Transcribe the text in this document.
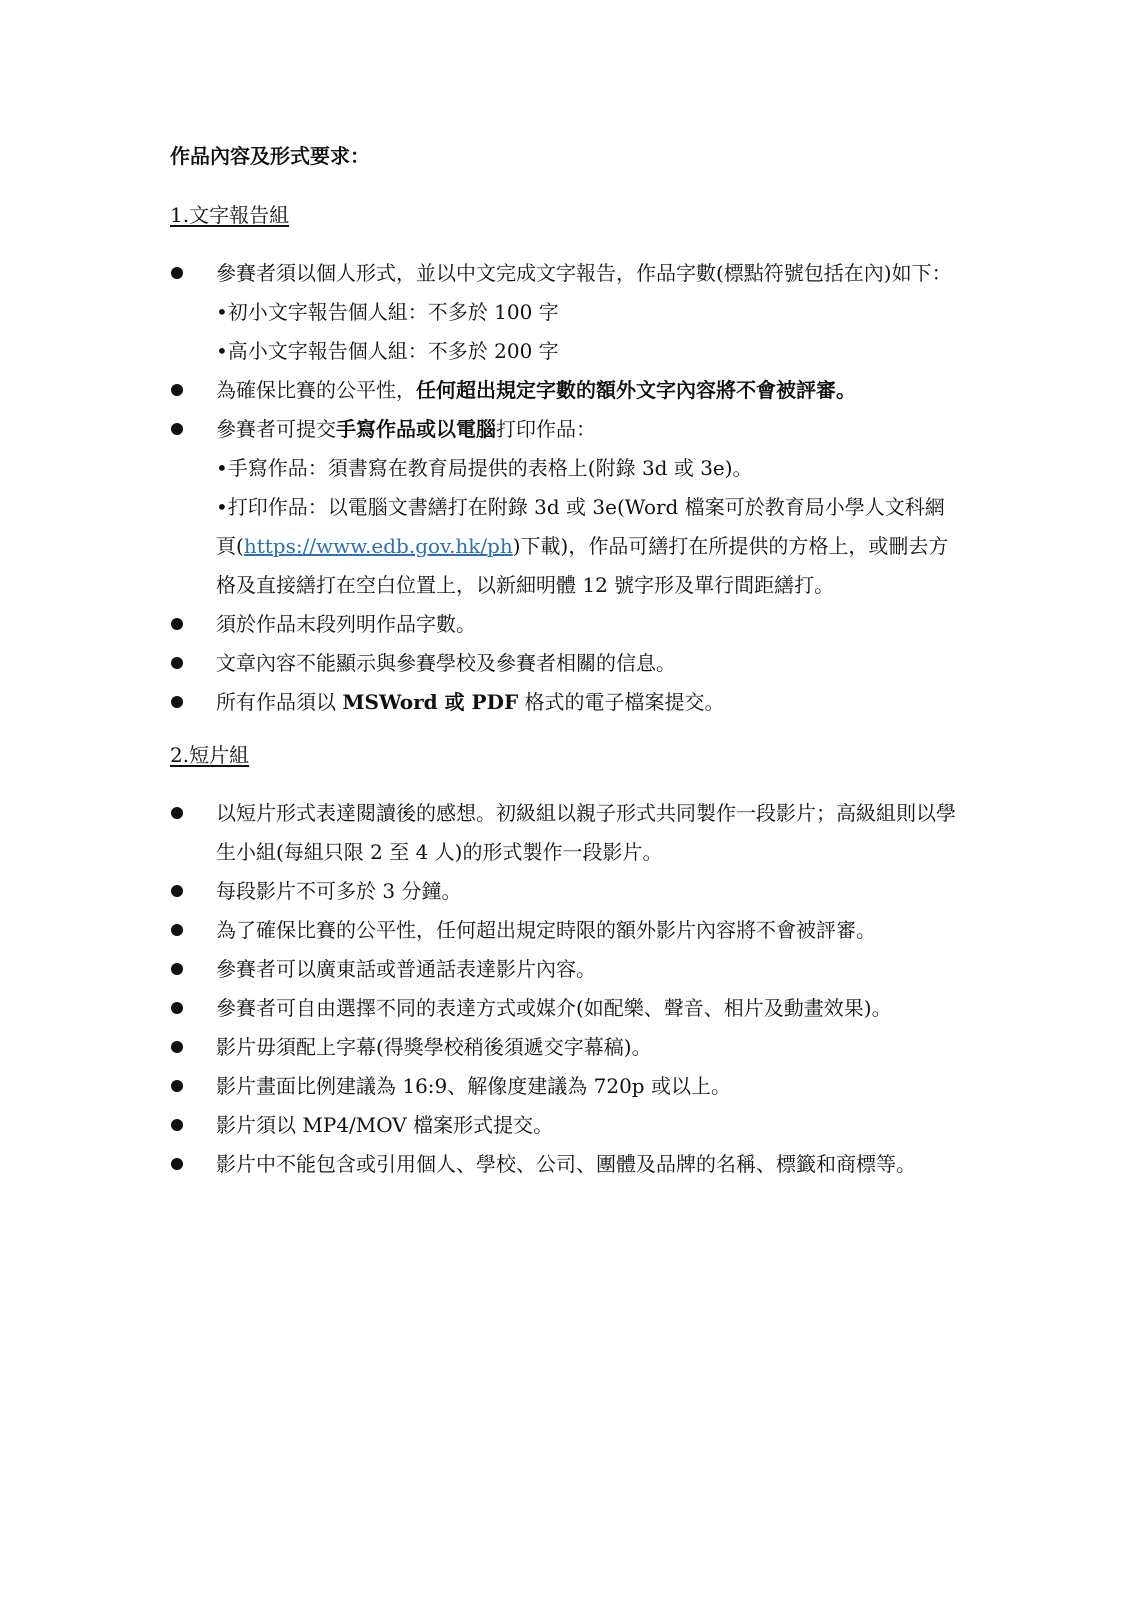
作品內容及形式要求：
1.文字報告組
參賽者須以個人形式，並以中文完成文字報告，作品字數(標點符號包括在內)如下：
• 初小文字報告個人組：不多於 100 字
• 高小文字報告個人組：不多於 200 字
為確保比賽的公平性，任何超出規定字數的額外文字內容將不會被評審。
參賽者可提交手寫作品或以電腦打印作品：
• 手寫作品：須書寫在教育局提供的表格上(附錄 3d 或 3e)。
• 打印作品：以電腦文書繕打在附錄 3d 或 3e(Word 檔案可於教育局小學人文科網頁(https://www.edb.gov.hk/ph)下載)，作品可繕打在所提供的方格上，或刪去方格及直接繕打在空白位置上，以新細明體 12 號字形及單行間距繕打。
須於作品末段列明作品字數。
文章內容不能顯示與參賽學校及參賽者相關的信息。
所有作品須以 MSWord 或 PDF 格式的電子檔案提交。
2.短片組
以短片形式表達閱讀後的感想。初級組以親子形式共同製作一段影片；高級組則以學生小組(每組只限 2 至 4 人)的形式製作一段影片。
每段影片不可多於 3 分鐘。
為了確保比賽的公平性，任何超出規定時限的額外影片內容將不會被評審。
參賽者可以廣東話或普通話表達影片內容。
參賽者可自由選擇不同的表達方式或媒介(如配樂、聲音、相片及動畫效果)。
影片毋須配上字幕(得獎學校稍後須遞交字幕稿)。
影片畫面比例建議為 16:9、解像度建議為 720p 或以上。
影片須以 MP4/MOV 檔案形式提交。
影片中不能包含或引用個人、學校、公司、團體及品牌的名稱、標籤和商標等。
